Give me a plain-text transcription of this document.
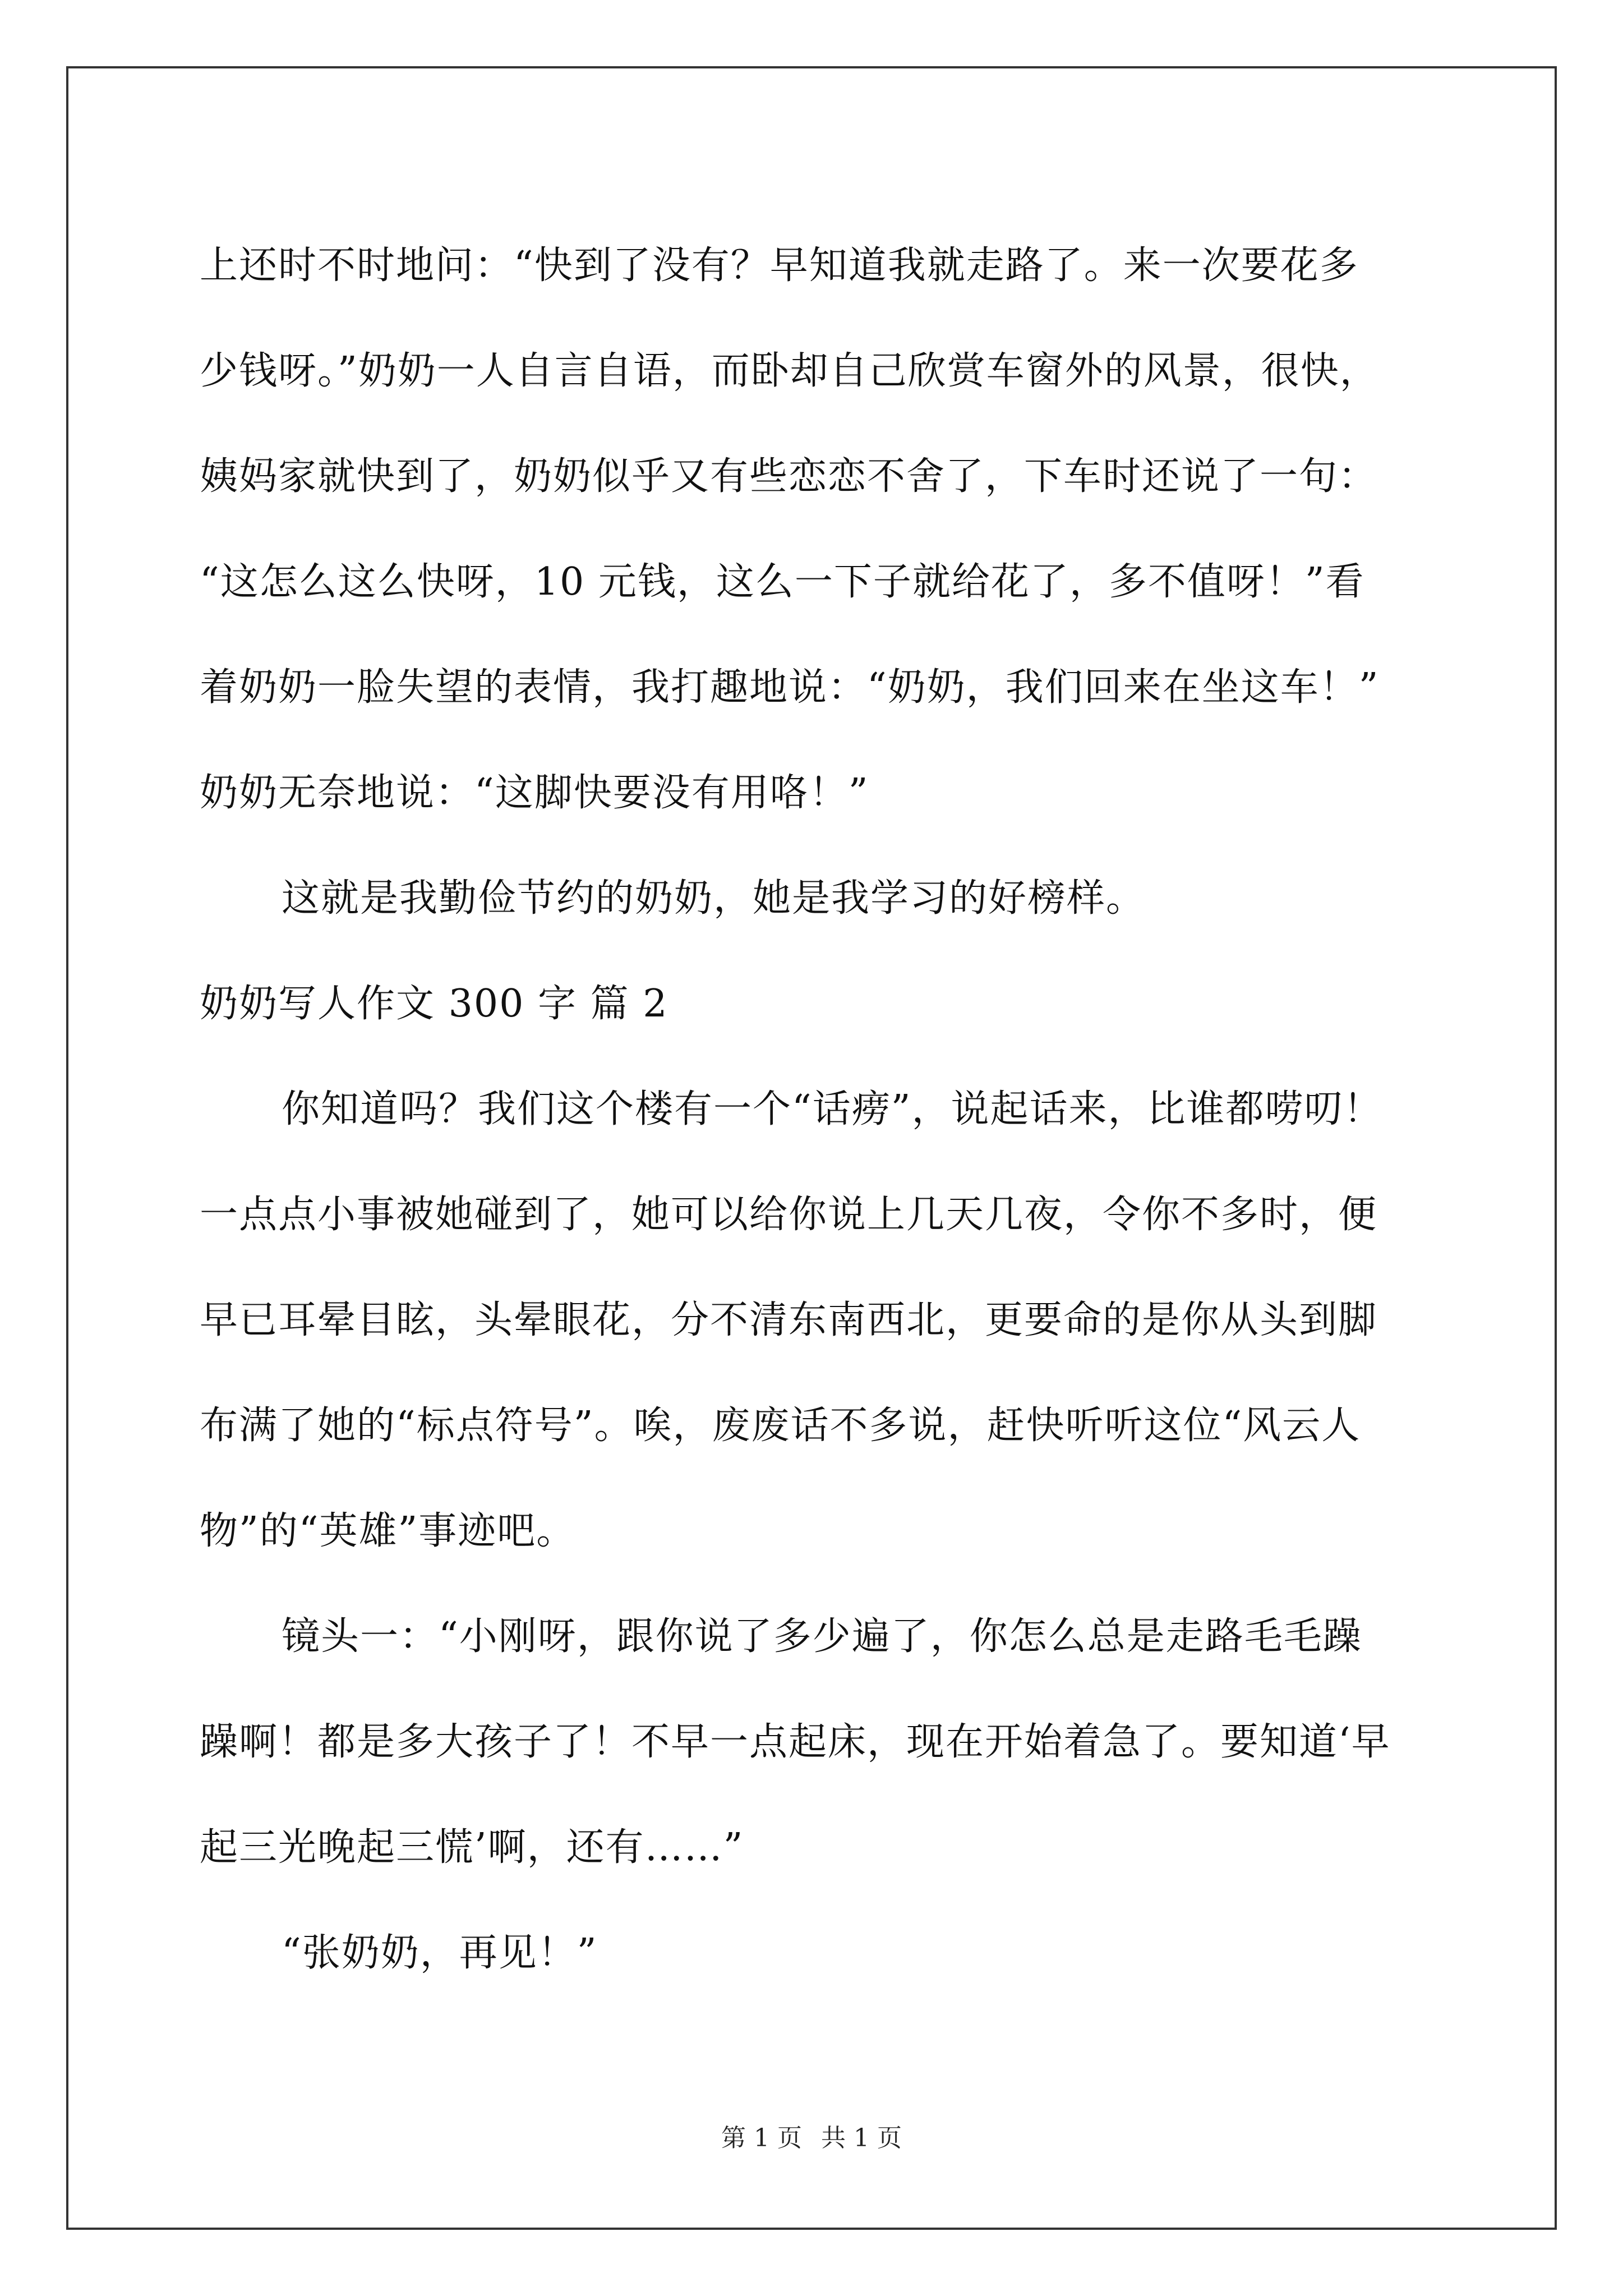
上还时不时地问：“快到了没有？早知道我就走路了。来一次要花多
少钱呀。”奶奶一人自言自语，而卧却自己欣赏车窗外的风景，很快，
姨妈家就快到了，奶奶似乎又有些恋恋不舍了，下车时还说了一句：
“这怎么这么快呀，10 元钱，这么一下子就给花了，多不值呀！”看
着奶奶一脸失望的表情，我打趣地说：“奶奶，我们回来在坐这车！”
奶奶无奈地说：“这脚快要没有用咯！”
这就是我勤俭节约的奶奶，她是我学习的好榜样。
奶奶写人作文 300 字 篇 2
你知道吗？我们这个楼有一个“话痨”，说起话来，比谁都唠叨！
一点点小事被她碰到了，她可以给你说上几天几夜，令你不多时，便
早已耳晕目眩，头晕眼花，分不清东南西北，更要命的是你从头到脚
布满了她的“标点符号”。唉，废废话不多说，赶快听听这位“风云人
物”的“英雄”事迹吧。
镜头一：“小刚呀，跟你说了多少遍了，你怎么总是走路毛毛躁
躁啊！都是多大孩子了！不早一点起床，现在开始着急了。要知道‘早
起三光晚起三慌’啊，还有……”
“张奶奶，再见！”
第 1 页 共 1 页
